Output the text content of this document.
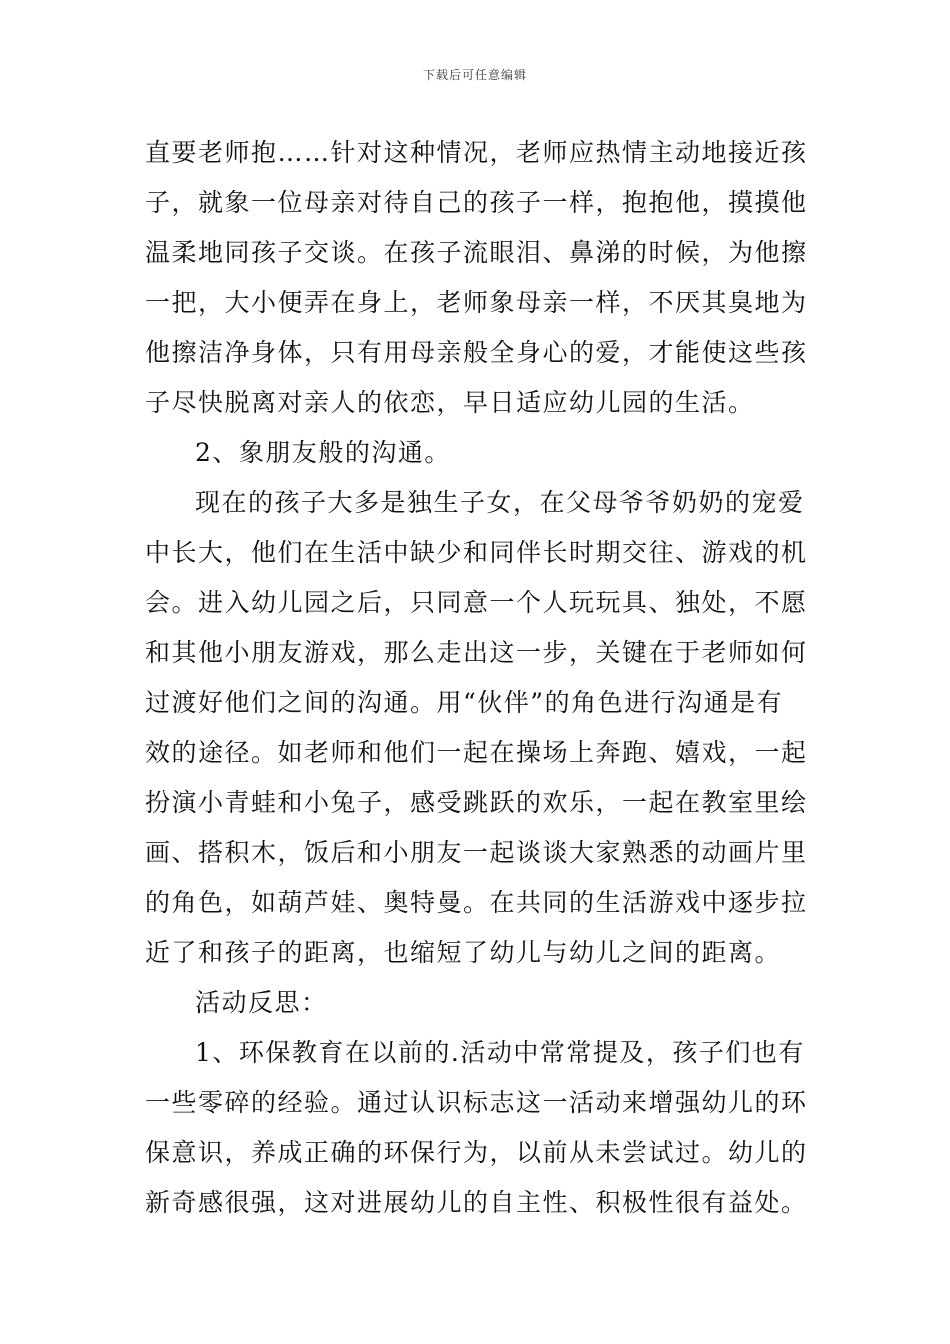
下载后可任意编辑
直要老师抱……针对这种情况，老师应热情主动地接近孩
子，就象一位母亲对待自己的孩子一样，抱抱他，摸摸他
温柔地同孩子交谈。在孩子流眼泪、鼻涕的时候，为他擦
一把，大小便弄在身上，老师象母亲一样，不厌其臭地为
他擦洁净身体，只有用母亲般全身心的爱，才能使这些孩
子尽快脱离对亲人的依恋，早日适应幼儿园的生活。
2、象朋友般的沟通。
现在的孩子大多是独生子女，在父母爷爷奶奶的宠爱
中长大，他们在生活中缺少和同伴长时期交往、游戏的机
会。进入幼儿园之后，只同意一个人玩玩具、独处，不愿
和其他小朋友游戏，那么走出这一步，关键在于老师如何
过渡好他们之间的沟通。用“伙伴”的角色进行沟通是有
效的途径。如老师和他们一起在操场上奔跑、嬉戏，一起
扮演小青蛙和小兔子，感受跳跃的欢乐，一起在教室里绘
画、搭积木，饭后和小朋友一起谈谈大家熟悉的动画片里
的角色，如葫芦娃、奥特曼。在共同的生活游戏中逐步拉
近了和孩子的距离，也缩短了幼儿与幼儿之间的距离。
活动反思：
1、环保教育在以前的.活动中常常提及，孩子们也有
一些零碎的经验。通过认识标志这一活动来增强幼儿的环
保意识，养成正确的环保行为，以前从未尝试过。幼儿的
新奇感很强，这对进展幼儿的自主性、积极性很有益处。
